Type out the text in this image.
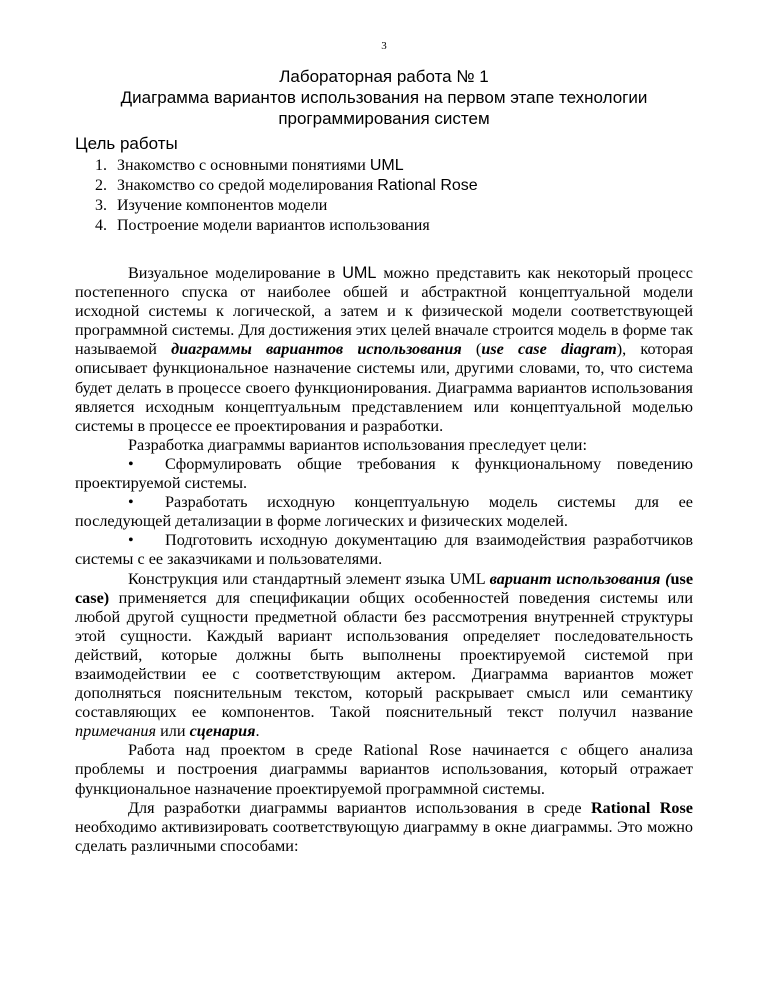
3
Лабораторная работа № 1
Диаграмма вариантов использования на первом этапе технологии
программирования систем
Цель работы
1. Знакомство с основными понятиями UML
2. Знакомство со средой моделирования Rational Rose
3. Изучение компонентов модели
4. Построение модели вариантов использования

Визуальное моделирование в UML можно представить как некоторый процесс постепенного спуска от наиболее обшей и абстрактной концептуальной модели исходной системы к логической, а затем и к физической модели соответствующей программной системы. Для достижения этих целей вначале строится модель в форме так называемой диаграммы вариантов использования (use case diagram), которая описывает функциональное назначение системы или, другими словами, то, что система будет делать в процессе своего функционирования. Диаграмма вариантов использования является исходным концептуальным представлением или концептуальной моделью системы в процессе ее проектирования и разработки.

Разработка диаграммы вариантов использования преследует цели:

• Сформулировать общие требования к функциональному поведению проектируемой системы.

• Разработать исходную концептуальную модель системы для ее последующей детализации в форме логических и физических моделей.

• Подготовить исходную документацию для взаимодействия разработчиков системы с ее заказчиками и пользователями.

Конструкция или стандартный элемент языка UML вариант использования (use case) применяется для спецификации общих особенностей поведения системы или любой другой сущности предметной области без рассмотрения внутренней структуры этой сущности. Каждый вариант использования определяет последовательность действий, которые должны быть выполнены проектируемой системой при взаимодействии ее с соответствующим актером. Диаграмма вариантов может дополняться пояснительным текстом, который раскрывает смысл или семантику составляющих ее компонентов. Такой пояснительный текст получил название примечания или сценария.

Работа над проектом в среде Rational Rose начинается с общего анализа проблемы и построения диаграммы вариантов использования, который отражает функциональное назначение проектируемой программной системы.

Для разработки диаграммы вариантов использования в среде Rational Rose необходимо активизировать соответствующую диаграмму в окне диаграммы. Это можно сделать различными способами:
